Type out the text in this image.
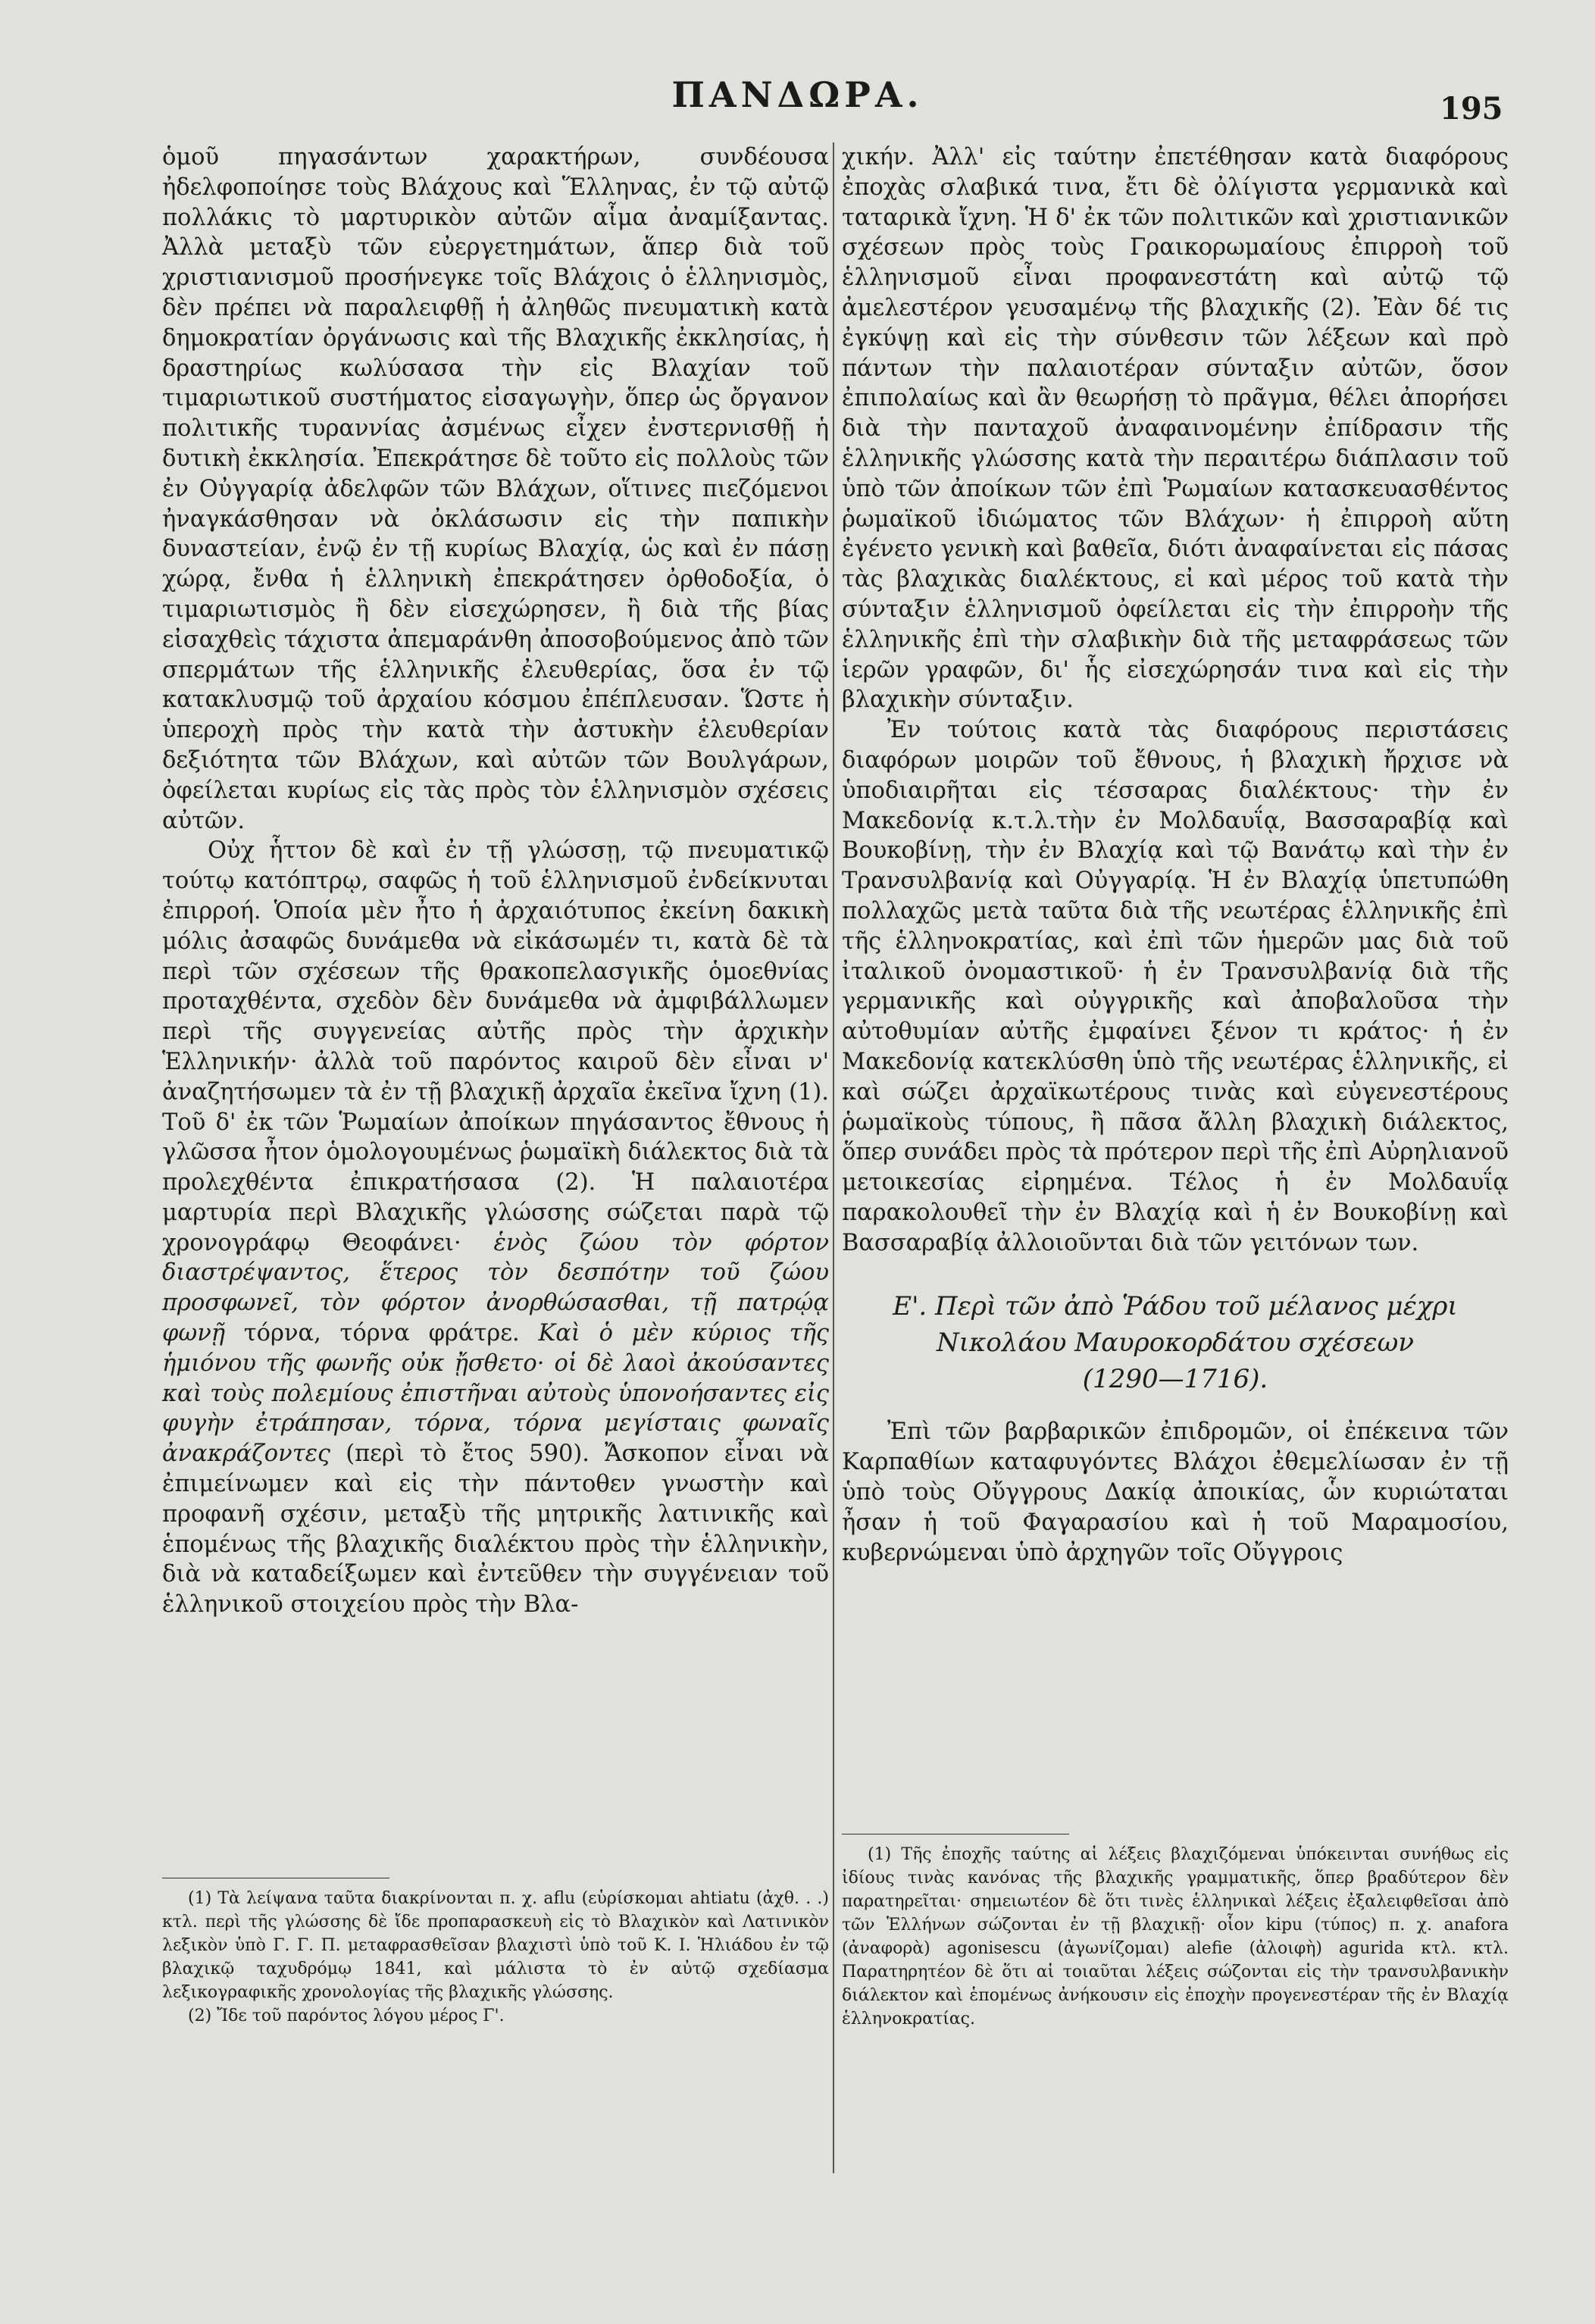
ΠΑΝΔΩΡΑ.	195

ὁμοῦ πηγασάντων χαρακτήρων, συνδέουσα ἠδελφοποίησε τοὺς Βλάχους καὶ Ἕλληνας, ἐν τῷ αὐτῷ πολλάκις τὸ μαρτυρικὸν αὐτῶν αἷμα ἀναμίξαντας. Ἀλλὰ μεταξὺ τῶν εὐεργετημάτων, ἅπερ διὰ τοῦ χριστιανισμοῦ προσήνεγκε τοῖς Βλάχοις ὁ ἑλληνισμὸς, δὲν πρέπει νὰ παραλειφθῇ ἡ ἀληθῶς πνευματικὴ κατὰ δημοκρατίαν ὀργάνωσις καὶ τῆς Βλαχικῆς ἐκκλησίας, ἡ δραστηρίως κωλύσασα τὴν εἰς Βλαχίαν τοῦ τιμαριωτικοῦ συστήματος εἰσαγωγὴν, ὅπερ ὡς ὄργανον πολιτικῆς τυραννίας ἀσμένως εἶχεν ἐνστερνισθῇ ἡ δυτικὴ ἐκκλησία. Ἐπεκράτησε δὲ τοῦτο εἰς πολλοὺς τῶν ἐν Οὐγγαρίᾳ ἀδελφῶν τῶν Βλάχων, οἵτινες πιεζόμενοι ἠναγκάσθησαν νὰ ὀκλάσωσιν εἰς τὴν παπικὴν δυναστείαν, ἐνῷ ἐν τῇ κυρίως Βλαχίᾳ, ὡς καὶ ἐν πάσῃ χώρᾳ, ἔνθα ἡ ἑλληνικὴ ἐπεκράτησεν ὀρθοδοξία, ὁ τιμαριωτισμὸς ἢ δὲν εἰσεχώρησεν, ἢ διὰ τῆς βίας εἰσαχθεὶς τάχιστα ἀπεμαράνθη ἀποσοβούμενος ἀπὸ τῶν σπερμάτων τῆς ἑλληνικῆς ἐλευθερίας, ὅσα ἐν τῷ κατακλυσμῷ τοῦ ἀρχαίου κόσμου ἐπέπλευσαν. Ὥστε ἡ ὑπεροχὴ πρὸς τὴν κατὰ τὴν ἀστυκὴν ἐλευθερίαν δεξιότητα τῶν Βλάχων, καὶ αὐτῶν τῶν Βουλγάρων, ὀφείλεται κυρίως εἰς τὰς πρὸς τὸν ἑλληνισμὸν σχέσεις αὐτῶν.

Οὐχ ἧττον δὲ καὶ ἐν τῇ γλώσσῃ, τῷ πνευματικῷ τούτῳ κατόπτρῳ, σαφῶς ἡ τοῦ ἑλληνισμοῦ ἐνδείκνυται ἐπιρροή. Ὁποία μὲν ἦτο ἡ ἀρχαιότυπος ἐκείνη δακικὴ μόλις ἀσαφῶς δυνάμεθα νὰ εἰκάσωμέν τι, κατὰ δὲ τὰ περὶ τῶν σχέσεων τῆς θρακοπελασγικῆς ὁμοεθνίας προταχθέντα, σχεδὸν δὲν δυνάμεθα νὰ ἀμφιβάλλωμεν περὶ τῆς συγγενείας αὐτῆς πρὸς τὴν ἀρχικὴν Ἑλληνικήν· ἀλλὰ τοῦ παρόντος καιροῦ δὲν εἶναι ν' ἀναζητήσωμεν τὰ ἐν τῇ βλαχικῇ ἀρχαῖα ἐκεῖνα ἴχνη (1). Τοῦ δ' ἐκ τῶν Ῥωμαίων ἀποίκων πηγάσαντος ἔθνους ἡ γλῶσσα ἦτον ὁμολογουμένως ῥωμαϊκὴ διάλεκτος διὰ τὰ προλεχθέντα ἐπικρατήσασα (2). Ἡ παλαιοτέρα μαρτυρία περὶ Βλαχικῆς γλώσσης σώζεται παρὰ τῷ χρονογράφῳ Θεοφάνει· ἑνὸς ζώου τὸν φόρτον διαστρέψαντος, ἕτερος τὸν δεσπότην τοῦ ζώου προσφωνεῖ, τὸν φόρτον ἀνορθώσασθαι, τῇ πατρῴᾳ φωνῇ τόρνα, τόρνα φράτρε. Καὶ ὁ μὲν κύριος τῆς ἡμιόνου τῆς φωνῆς οὐκ ᾔσθετο· οἱ δὲ λαοὶ ἀκούσαντες καὶ τοὺς πολεμίους ἐπιστῆναι αὐτοὺς ὑπονοήσαντες εἰς φυγὴν ἐτράπησαν, τόρνα, τόρνα μεγίσταις φωναῖς ἀνακράζοντες (περὶ τὸ ἔτος 590). Ἄσκοπον εἶναι νὰ ἐπιμείνωμεν καὶ εἰς τὴν πάντοθεν γνωστὴν καὶ προφανῆ σχέσιν, μεταξὺ τῆς μητρικῆς λατινικῆς καὶ ἑπομένως τῆς βλαχικῆς διαλέκτου πρὸς τὴν ἑλληνικὴν, διὰ νὰ καταδείξωμεν καὶ ἐντεῦθεν τὴν συγγένειαν τοῦ ἑλληνικοῦ στοιχείου πρὸς τὴν Βλα-

χικήν. Ἀλλ' εἰς ταύτην ἐπετέθησαν κατὰ διαφόρους ἐποχὰς σλαβικά τινα, ἔτι δὲ ὀλίγιστα γερμανικὰ καὶ ταταρικὰ ἴχνη. Ἡ δ' ἐκ τῶν πολιτικῶν καὶ χριστιανικῶν σχέσεων πρὸς τοὺς Γραικορωμαίους ἐπιρροὴ τοῦ ἑλληνισμοῦ εἶναι προφανεστάτη καὶ αὐτῷ τῷ ἀμελεστέρον γευσαμένῳ τῆς βλαχικῆς (2). Ἐὰν δέ τις ἐγκύψῃ καὶ εἰς τὴν σύνθεσιν τῶν λέξεων καὶ πρὸ πάντων τὴν παλαιοτέραν σύνταξιν αὐτῶν, ὅσον ἐπιπολαίως καὶ ἂν θεωρήσῃ τὸ πρᾶγμα, θέλει ἀπορήσει διὰ τὴν πανταχοῦ ἀναφαινομένην ἐπίδρασιν τῆς ἑλληνικῆς γλώσσης κατὰ τὴν περαιτέρω διάπλασιν τοῦ ὑπὸ τῶν ἀποίκων τῶν ἐπὶ Ῥωμαίων κατασκευασθέντος ῥωμαϊκοῦ ἰδιώματος τῶν Βλάχων· ἡ ἐπιρροὴ αὕτη ἐγένετο γενικὴ καὶ βαθεῖα, διότι ἀναφαίνεται εἰς πάσας τὰς βλαχικὰς διαλέκτους, εἰ καὶ μέρος τοῦ κατὰ τὴν σύνταξιν ἑλληνισμοῦ ὀφείλεται εἰς τὴν ἐπιρροὴν τῆς ἑλληνικῆς ἐπὶ τὴν σλαβικὴν διὰ τῆς μεταφράσεως τῶν ἱερῶν γραφῶν, δι' ἧς εἰσεχώρησάν τινα καὶ εἰς τὴν βλαχικὴν σύνταξιν.

Ἐν τούτοις κατὰ τὰς διαφόρους περιστάσεις διαφόρων μοιρῶν τοῦ ἔθνους, ἡ βλαχικὴ ἤρχισε νὰ ὑποδιαιρῆται εἰς τέσσαρας διαλέκτους· τὴν ἐν Μακεδονίᾳ κ.τ.λ.τὴν ἐν Μολδαυΐᾳ, Βασσαραβίᾳ καὶ Βουκοβίνῃ, τὴν ἐν Βλαχίᾳ καὶ τῷ Βανάτῳ καὶ τὴν ἐν Τρανσυλβανίᾳ καὶ Οὐγγαρίᾳ. Ἡ ἐν Βλαχίᾳ ὑπετυπώθη πολλαχῶς μετὰ ταῦτα διὰ τῆς νεωτέρας ἑλληνικῆς ἐπὶ τῆς ἑλληνοκρατίας, καὶ ἐπὶ τῶν ἡμερῶν μας διὰ τοῦ ἰταλικοῦ ὀνομαστικοῦ· ἡ ἐν Τρανσυλβανίᾳ διὰ τῆς γερμανικῆς καὶ οὐγγρικῆς καὶ ἀποβαλοῦσα τὴν αὐτοθυμίαν αὐτῆς ἐμφαίνει ξένον τι κράτος· ἡ ἐν Μακεδονίᾳ κατεκλύσθη ὑπὸ τῆς νεωτέρας ἑλληνικῆς, εἰ καὶ σώζει ἀρχαϊκωτέρους τινὰς καὶ εὐγενεστέρους ῥωμαϊκοὺς τύπους, ἢ πᾶσα ἄλλη βλαχικὴ διάλεκτος, ὅπερ συνάδει πρὸς τὰ πρότερον περὶ τῆς ἐπὶ Αὐρηλιανοῦ μετοικεσίας εἰρημένα. Τέλος ἡ ἐν Μολδαυΐᾳ παρακολουθεῖ τὴν ἐν Βλαχίᾳ καὶ ἡ ἐν Βουκοβίνῃ καὶ Βασσαραβίᾳ ἀλλοιοῦνται διὰ τῶν γειτόνων των.

Ε'. Περὶ τῶν ἀπὸ Ῥάδου τοῦ μέλανος μέχρι
Νικολάου Μαυροκορδάτου σχέσεων
(1290—1716).

Ἐπὶ τῶν βαρβαρικῶν ἐπιδρομῶν, οἱ ἐπέκεινα τῶν Καρπαθίων καταφυγόντες Βλάχοι ἐθεμελίωσαν ἐν τῇ ὑπὸ τοὺς Οὔγγρους Δακίᾳ ἀποικίας, ὧν κυριώταται ἦσαν ἡ τοῦ Φαγαρασίου καὶ ἡ τοῦ Μαραμοσίου, κυβερνώμεναι ὑπὸ ἀρχηγῶν τοῖς Οὔγγροις

(1) Τὰ λείψανα ταῦτα διακρίνονται π. χ. aflu (εὑρίσκομαι ahtiatu (ἀχθ. . .) κτλ. περὶ τῆς γλώσσης δὲ ἴδε προπαρασκευὴ εἰς τὸ Βλαχικὸν καὶ Λατινικὸν λεξικὸν ὑπὸ Γ. Γ. Π. μεταφρασθεῖσαν βλαχιστὶ ὑπὸ τοῦ Κ. Ι. Ἡλιάδου ἐν τῷ βλαχικῷ ταχυδρόμῳ 1841, καὶ μάλιστα τὸ ἐν αὐτῷ σχεδίασμα λεξικογραφικῆς χρονολογίας τῆς βλαχικῆς γλώσσης.

(2) Ἴδε τοῦ παρόντος λόγου μέρος Γ'.

(1) Τῆς ἐποχῆς ταύτης αἱ λέξεις βλαχιζόμεναι ὑπόκεινται συνήθως εἰς ἰδίους τινὰς κανόνας τῆς βλαχικῆς γραμματικῆς, ὅπερ βραδύτερον δὲν παρατηρεῖται· σημειωτέον δὲ ὅτι τινὲς ἑλληνικαὶ λέξεις ἐξαλειφθεῖσαι ἀπὸ τῶν Ἑλλήνων σώζονται ἐν τῇ βλαχικῇ· οἷον kipu (τύπος) π. χ. anafora (ἀναφορὰ) agonisescu (ἀγωνίζομαι) alefie (ἀλοιφὴ) agurida κτλ. κτλ. Παρατηρητέον δὲ ὅτι αἱ τοιαῦται λέξεις σώζονται εἰς τὴν τρανσυλβανικὴν διάλεκτον καὶ ἑπομένως ἀνήκουσιν εἰς ἐποχὴν προγενεστέραν τῆς ἐν Βλαχίᾳ ἑλληνοκρατίας.
